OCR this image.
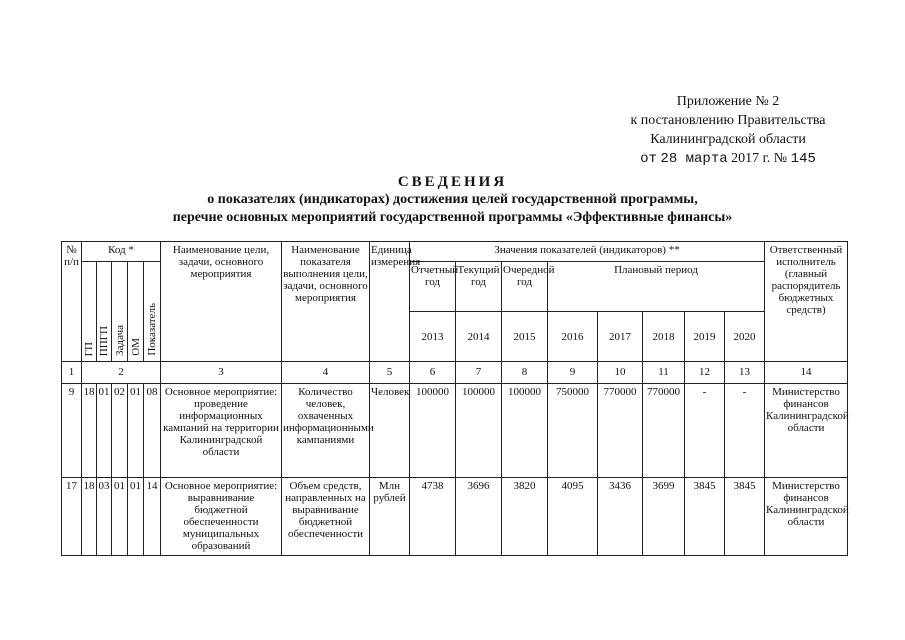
Приложение № 2
к постановлению Правительства
Калининградской области
от 28 марта 2017 г. № 145
СВЕДЕНИЯ
о показателях (индикаторах) достижения целей государственной программы,
перечне основных мероприятий государственной программы «Эффективные финансы»
№ п/п	Код *					Наименование цели, задачи, основного мероприятия	Наименование показателя выполнения цели, задачи, основного мероприятия	Единица измерения	Значения показателей (индикаторов) **								Ответственный исполнитель (главный распорядитель бюджетных средств)
	ГП	ППГП	Задача	ОМ	Показатель				Отчетный год	Текущий год	Очередной год	Плановый период					
									2013	2014	2015	2016	2017	2018	2019	2020	
1	2					3	4	5	6	7	8	9	10	11	12	13	14
9	18	01	02	01	08	Основное мероприятие: проведение информационных кампаний на территории Калининградской области	Количество человек, охваченных информационными кампаниями	Человек	100000	100000	100000	750000	770000	770000	-	-	Министерство финансов Калининградской области
17	18	03	01	01	14	Основное мероприятие: выравнивание бюджетной обеспеченности муниципальных образований	Объем средств, направленных на выравнивание бюджетной обеспеченности	Млн рублей	4738	3696	3820	4095	3436	3699	3845	3845	Министерство финансов Калининградской области
